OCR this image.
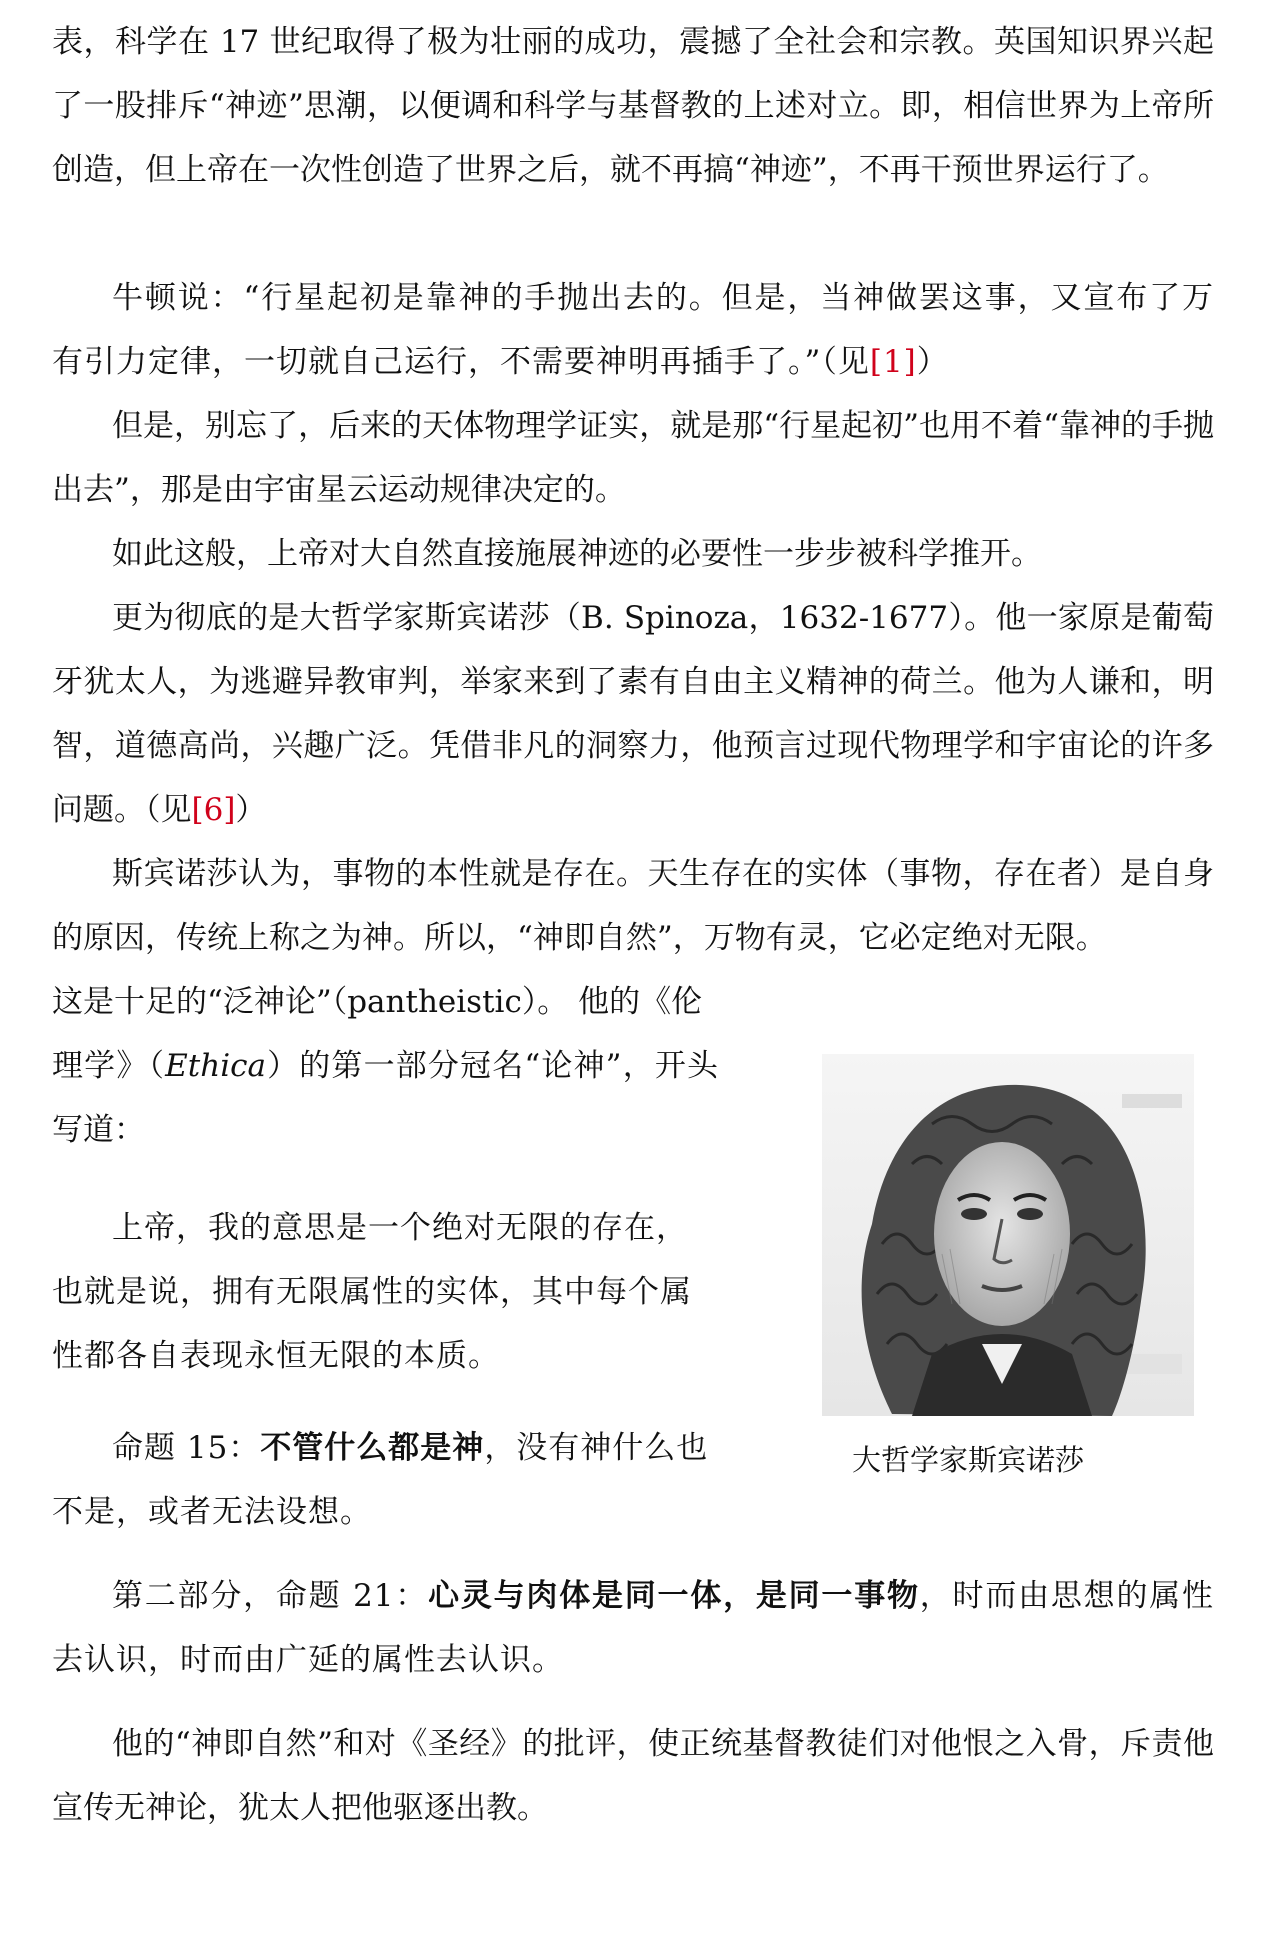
表，科学在 17 世纪取得了极为壮丽的成功，震撼了全社会和宗教。英国知识界兴起了一股排斥“神迹”思潮，以便调和科学与基督教的上述对立。即，相信世界为上帝所创造，但上帝在一次性创造了世界之后，就不再搞“神迹”，不再干预世界运行了。

牛顿说：“行星起初是靠神的手抛出去的。但是，当神做罢这事，又宣布了万有引力定律，一切就自己运行，不需要神明再插手了。”（见[1]）

但是，别忘了，后来的天体物理学证实，就是那“行星起初”也用不着“靠神的手抛出去”，那是由宇宙星云运动规律决定的。

如此这般，上帝对大自然直接施展神迹的必要性一步步被科学推开。

更为彻底的是大哲学家斯宾诺莎（B. Spinoza，1632-1677）。他一家原是葡萄牙犹太人，为逃避异教审判，举家来到了素有自由主义精神的荷兰。他为人谦和，明智，道德高尚，兴趣广泛。凭借非凡的洞察力，他预言过现代物理学和宇宙论的许多问题。（见[6]）

斯宾诺莎认为，事物的本性就是存在。天生存在的实体（事物，存在者）是自身的原因，传统上称之为神。所以，“神即自然”，万物有灵，它必定绝对无限。

这是十足的“泛神论”（pantheistic）。 他的《伦

理学》（Ethica）的第一部分冠名“论神”，开头写道：

上帝，我的意思是一个绝对无限的存在，也就是说，拥有无限属性的实体，其中每个属性都各自表现永恒无限的本质。

命题 15：不管什么都是神，没有神什么也不是，或者无法设想。

第二部分，命题 21：心灵与肉体是同一体，是同一事物，时而由思想的属性去认识，时而由广延的属性去认识。

他的“神即自然”和对《圣经》的批评，使正统基督教徒们对他恨之入骨，斥责他宣传无神论，犹太人把他驱逐出教。

大哲学家斯宾诺莎
